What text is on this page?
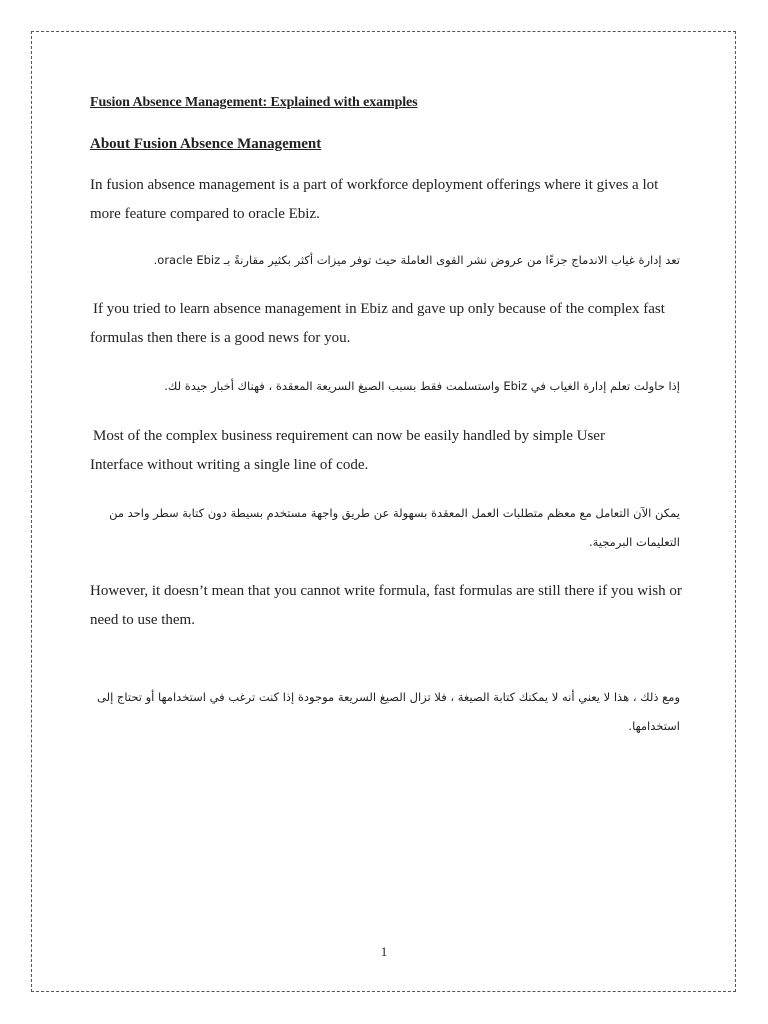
Fusion Absence Management: Explained with examples
About Fusion Absence Management

In fusion absence management is a part of workforce deployment offerings where it gives a lot more feature compared to oracle Ebiz.

تعد إدارة غياب الاندماج جزءًا من عروض نشر القوى العاملة حيث توفر ميزات أكثر بكثير مقارنةً بـ oracle Ebiz.

If you tried to learn absence management in Ebiz and gave up only because of the complex fast formulas then there is a good news for you.

إذا حاولت تعلم إدارة الغياب في Ebiz واستسلمت فقط بسبب الصيغ السريعة المعقدة ، فهناك أخبار جيدة لك.

Most of the complex business requirement can now be easily handled by simple User Interface without writing a single line of code.

يمكن الآن التعامل مع معظم متطلبات العمل المعقدة بسهولة عن طريق واجهة مستخدم بسيطة دون كتابة سطر واحد من التعليمات البرمجية.

However, it doesn’t mean that you cannot write formula, fast formulas are still there if you wish or need to use them.

ومع ذلك ، هذا لا يعني أنه لا يمكنك كتابة الصيغة ، فلا تزال الصيغ السريعة موجودة إذا كنت ترغب في استخدامها أو تحتاج إلى استخدامها.

1
